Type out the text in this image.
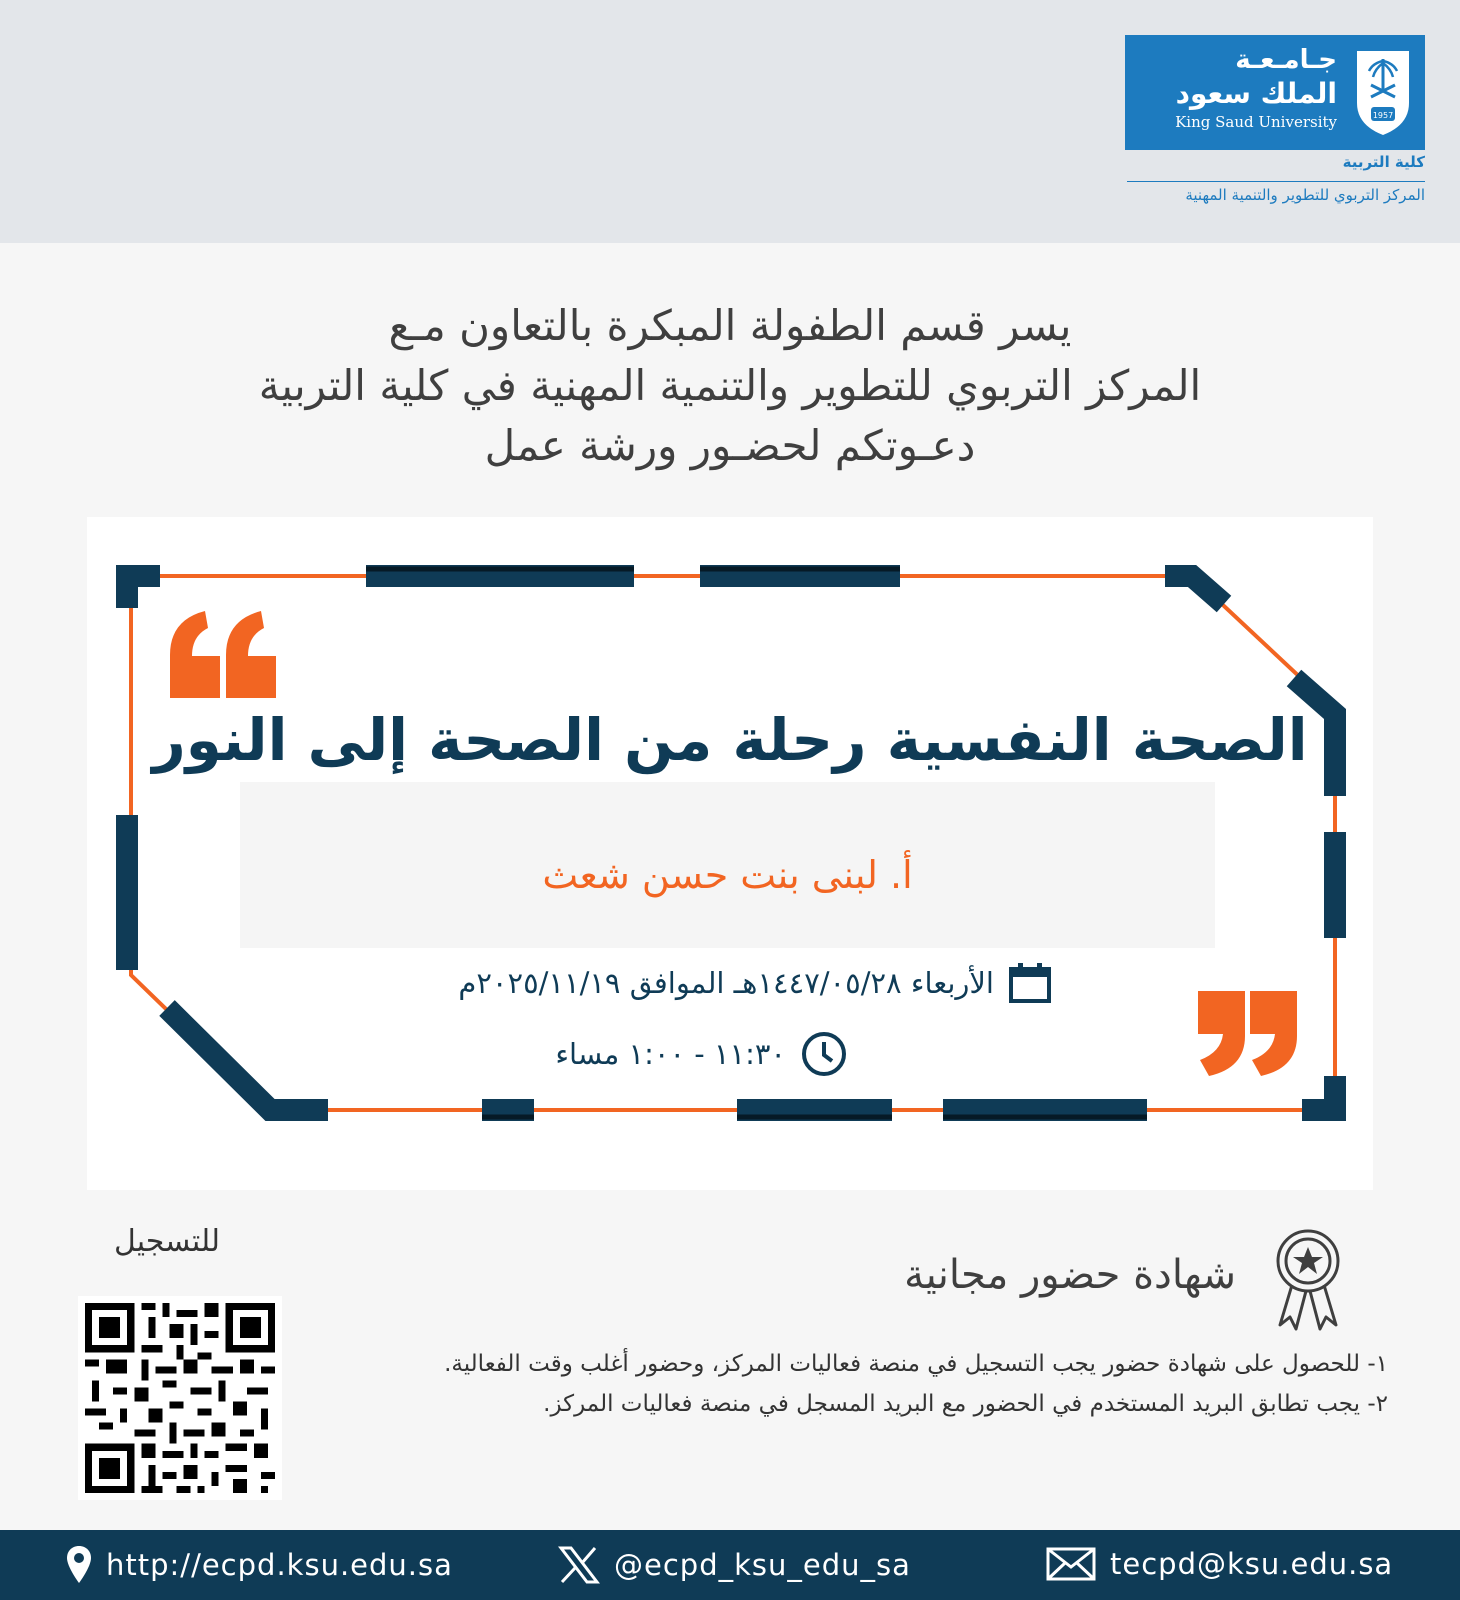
جـامـعـة
الملك سعود
King Saud University	1957
كلية التربية
المركز التربوي للتطوير والتنمية المهنية
يسر قسم الطفولة المبكرة بالتعاون مـع
المركز التربوي للتطوير والتنمية المهنية في كلية التربية
دعـوتكم لحضـور ورشة عمل
الصحة النفسية رحلة من الصحة إلى النور
أ. لبنى بنت حسن شعث
الأربعاء ١٤٤٧/٠٥/٢٨هـ الموافق ٢٠٢٥/١١/١٩م
١١:٣٠ - ١:٠٠ مساء
للتسجيل
شهادة حضور مجانية

١- للحصول على شهادة حضور يجب التسجيل في منصة فعاليات المركز، وحضور أغلب وقت الفعالية.

٢- يجب تطابق البريد المستخدم في الحضور مع البريد المسجل في منصة فعاليات المركز.

http://ecpd.ksu.edu.sa	@ecpd_ksu_edu_sa	tecpd@ksu.edu.sa
